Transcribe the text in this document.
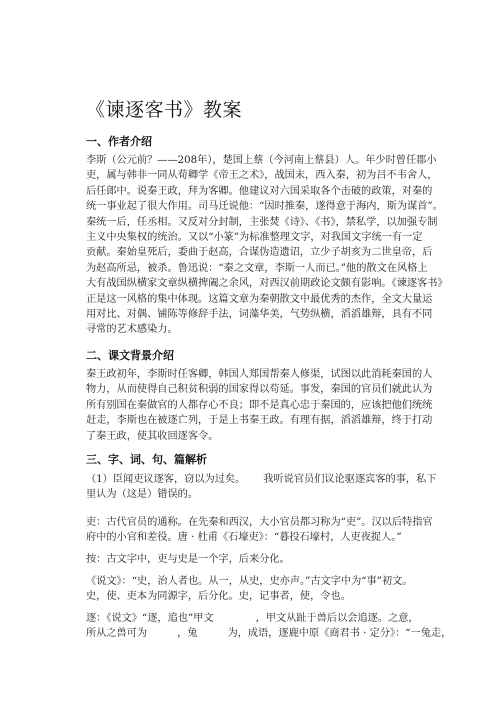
《谏逐客书》教案
一、作者介绍
李斯（公元前？——208年），楚国上蔡（今河南上蔡县）人。年少时曾任郡小
吏，属与韩非一同从荀卿学《帝王之术》，战国末，西入秦，初为吕不韦舍人，
后任郎中。说秦王政，拜为客卿。他建议对六国采取各个击破的政策，对秦的
统一事业起了很大作用。司马迁说他：“因时推秦，遂得意于海内，斯为谋首”。
秦统一后，任丞相。又反对分封制，主张焚《诗》、《书》，禁私学，以加强专制
主义中央集权的统治。又以“小篆”为标准整理文字，对我国文字统一有一定
贡献。秦始皇死后，委曲于赵高，合谋伪造遗诏，立少子胡亥为二世皇帝，后
为赵高所忌，被杀。鲁迅说：“秦之文章，李斯一人而已。”他的散文在风格上
大有战国纵横家文章纵横捭阖之余风，对西汉前期政论文颇有影响。《谏逐客书》
正是这一风格的集中体现。这篇文章为秦朝散文中最优秀的杰作，全文大量运
用对比、对偶、铺陈等修辞手法，词藻华美，气势纵横，滔滔雄辩，具有不同
寻常的艺术感染力。
二、课文背景介绍
秦王政初年，李斯时任客卿，韩国人郑国帮秦人修渠，试图以此消耗秦国的人
物力，从而使得自己积贫积弱的国家得以苟延。事发，秦国的官员们就此认为
所有别国在秦做官的人都存心不良；即不是真心忠于秦国的，应该把他们统统
赶走，李斯也在被逐亡列，于是上书秦王政。有理有据，滔滔雄辩，终于打动
了秦王政，使其收回逐客令。
三、字、词、句、篇解析
（1）臣闻吏议逐客，窃以为过矣。 我听说官员们议论驱逐宾客的事，私下
里认为（这是）错误的。
吏：古代官员的通称。在先秦和西汉，大小官员都习称为“吏”。汉以后特指官
府中的小官和差役。唐 · 杜甫《石壕吏》：“暮投石壕村，人吏夜捉人。”
按：古文字中，吏与史是一个字，后来分化。
《说文》：“史，治人者也。从一，从史，史亦声。”古文字中为“事”初文。
史，使、吏本为同源字，后分化。史，记事者，使，令也。
逐：《说文》“逐，追也”甲文	，甲文从趾于兽后以会追逐。之意，
所从之兽可为	，兔	为，成语，逐鹿中原《商君书 · 定分》：“一兔走，
